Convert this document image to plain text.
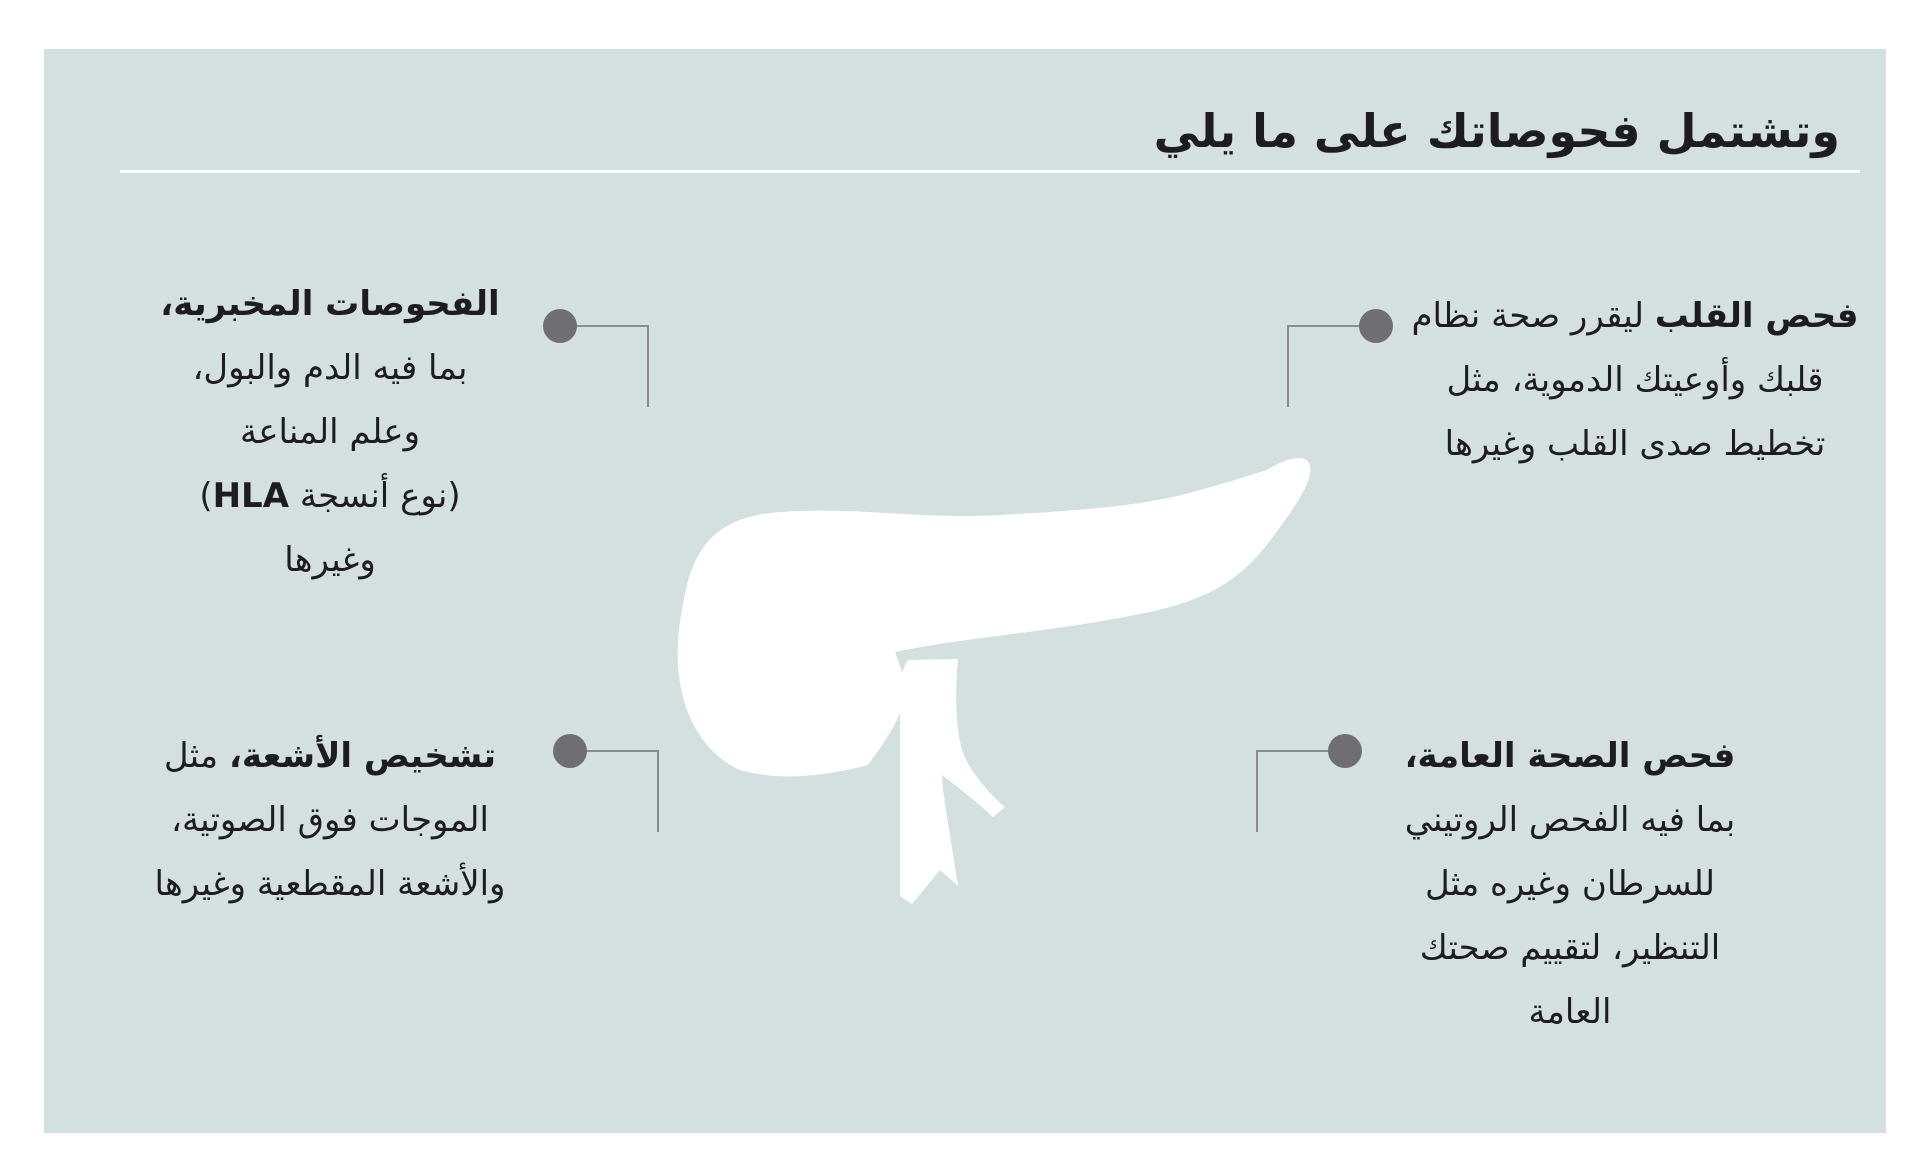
وتشتمل فحوصاتك على ما يلي
فحص القلب ليقرر صحة نظام
قلبك وأوعيتك الدموية، مثل
تخطيط صدى القلب وغيرها
الفحوصات المخبرية،
بما فيه الدم والبول،
وعلم المناعة
(نوع أنسجة HLA)
وغيرها
فحص الصحة العامة،
بما فيه الفحص الروتيني
للسرطان وغيره مثل
التنظير، لتقييم صحتك
العامة
تشخيص الأشعة، مثل
الموجات فوق الصوتية،
والأشعة المقطعية وغيرها
